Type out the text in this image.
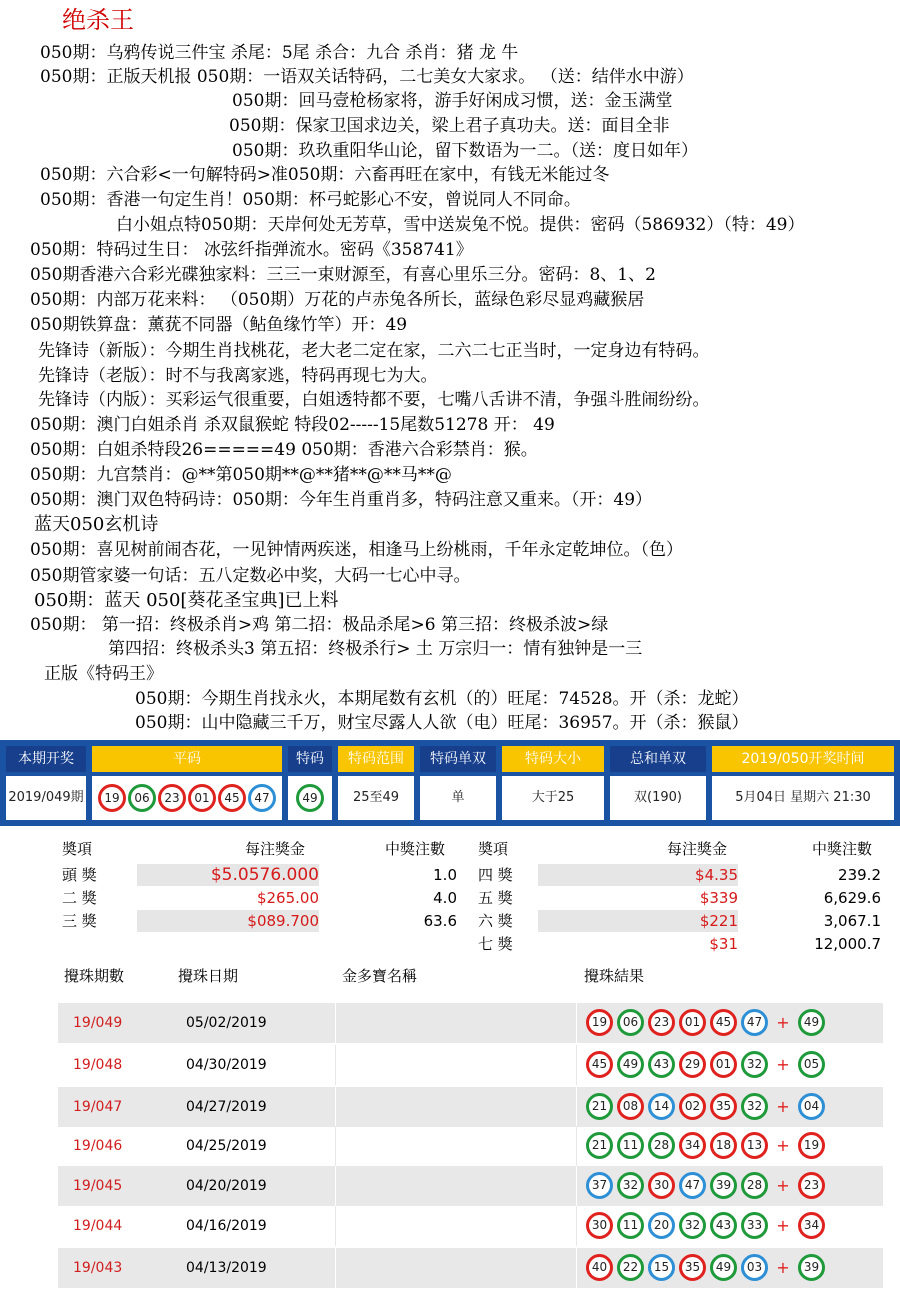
绝杀王
050期：乌鸦传说三件宝 杀尾：5尾 杀合：九合 杀肖：猪 龙 牛
050期：正版天机报 050期：一语双关话特码，二七美女大家求。 （送：结伴水中游）
050期：回马壹枪杨家将，游手好闲成习惯，送：金玉满堂
050期：保家卫国求边关，梁上君子真功夫。送：面目全非
050期：玖玖重阳华山论，留下数语为一二。（送：度日如年）
050期：六合彩<一句解特码>准050期：六畜再旺在家中，有钱无米能过冬
050期：香港一句定生肖！050期：杯弓蛇影心不安，曾说同人不同命。
白小姐点特050期：天岸何处无芳草，雪中送炭兔不悦。提供：密码（586932）（特：49）
050期：特码过生日： 冰弦纤指弹流水。密码《358741》
050期香港六合彩光碟独家料：三三一束财源至，有喜心里乐三分。密码：8、1、2
050期：内部万花来料： （050期）万花的卢赤兔各所长，蓝绿色彩尽显鸡藏猴居
050期铁算盘：薰莸不同器（鲇鱼缘竹竿）开：49
先锋诗（新版）：今期生肖找桃花，老大老二定在家，二六二七正当时，一定身边有特码。
先锋诗（老版）：时不与我离家逃，特码再现七为大。
先锋诗（内版）：买彩运气很重要，白姐透特都不要，七嘴八舌讲不清，争强斗胜闹纷纷。
050期：澳门白姐杀肖 杀双鼠猴蛇 特段02-----15尾数51278 开： 49
050期：白姐杀特段26=====49 050期：香港六合彩禁肖：猴。
050期：九宫禁肖：@**第050期**@**猪**@**马**@
050期：澳门双色特码诗：050期：今年生肖重肖多，特码注意又重来。（开：49）
蓝天050玄机诗
050期：喜见树前闹杏花，一见钟情两疾迷，相逢马上纷桃雨，千年永定乾坤位。（色）
050期管家婆一句话：五八定数必中奖，大码一七心中寻。
050期：蓝天 050[葵花圣宝典]已上料
050期： 第一招：终极杀肖>鸡 第二招：极品杀尾>6 第三招：终极杀波>绿
第四招：终极杀头3 第五招：终极杀行> 土 万宗归一：情有独钟是一三
正版《特码王》
050期：今期生肖找永火，本期尾数有玄机（的）旺尾：74528。开（杀：龙蛇）
050期：山中隐藏三千万，财宝尽露人人欲（电）旺尾：36957。开（杀：猴鼠）
本期开奖	平码	特码	特码范围	特码单双	特码大小	总和单双	2019/050开奖时间
2019/049期	19 06 23 01 45 47	49	25至49	单	大于25	双(190)	5月04日 星期六 21:30
奬項	每注獎金	中獎注數 奬項	每注獎金	中獎注數
頭 獎	$5.0576.000	1.0
二 獎	$265.00	4.0
三 獎	$089.700	63.6
四 獎	$4.35	239.2
五 獎	$339	6,629.6
六 獎	$221	3,067.1
七 獎	$31	12,000.7
攪珠期數	攪珠日期	金多寶名稱	攪珠結果
19/049	05/02/2019	19 06 23 01 45 47 + 49
19/048	04/30/2019	45 49 43 29 01 32 + 05
19/047	04/27/2019	21 08 14 02 35 32 + 04
19/046	04/25/2019	21 11 28 34 18 13 + 19
19/045	04/20/2019	37 32 30 47 39 28 + 23
19/044	04/16/2019	30 11 20 32 43 33 + 34
19/043	04/13/2019	40 22 15 35 49 03 + 39
